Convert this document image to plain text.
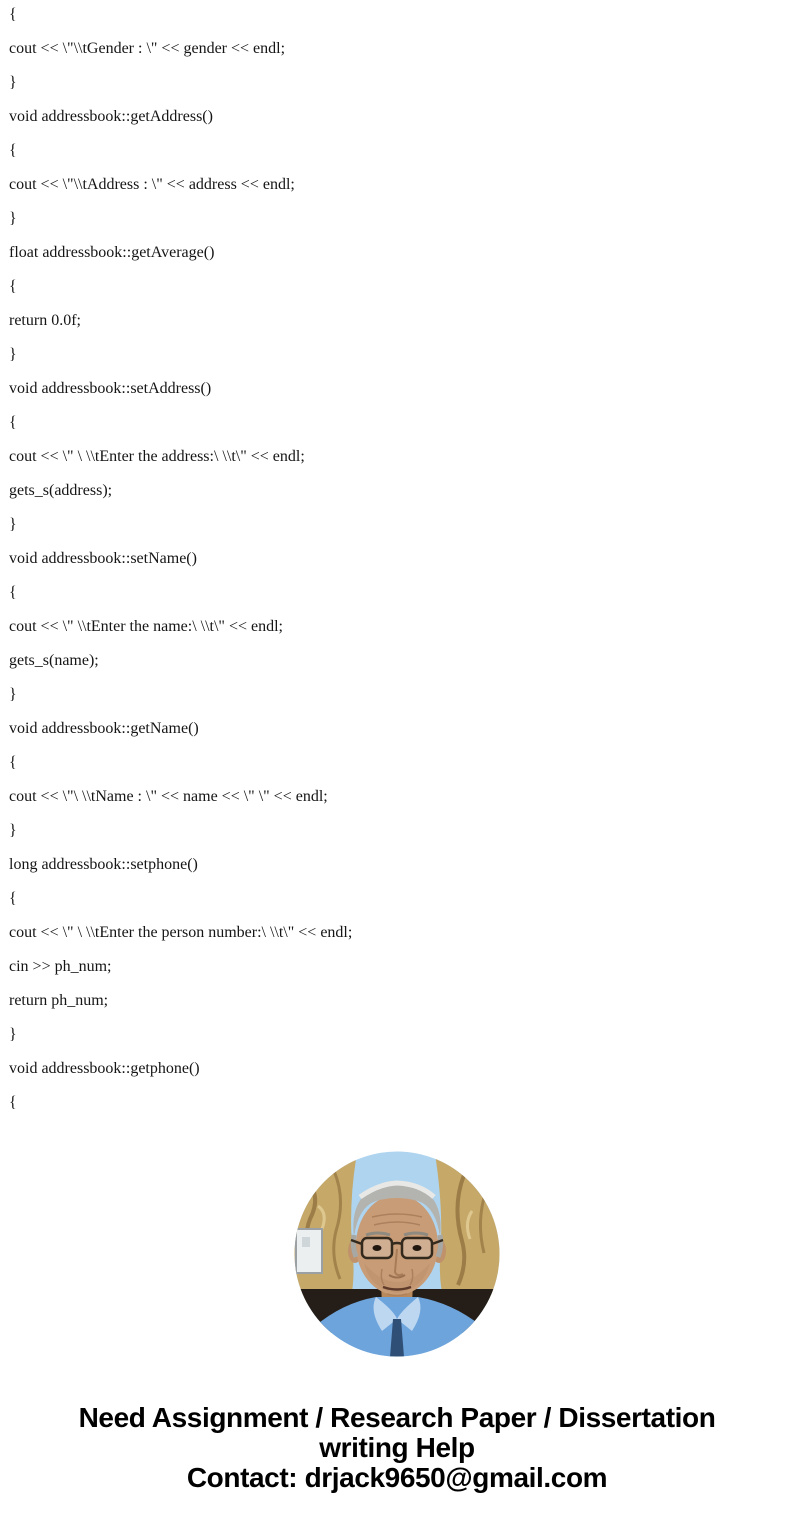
{
cout << \"\\tGender : \" << gender << endl;
}
void addressbook::getAddress()
{
cout << \"\\tAddress : \" << address << endl;
}
float addressbook::getAverage()
{
return 0.0f;
}
void addressbook::setAddress()
{
cout << \" \ \\tEnter the address:\ \\t\" << endl;
gets_s(address);
}
void addressbook::setName()
{
cout << \" \\tEnter the name:\ \\t\" << endl;
gets_s(name);
}
void addressbook::getName()
{
cout << \"\ \\tName : \" << name << \" \" << endl;
}
long addressbook::setphone()
{
cout << \" \ \\tEnter the person number:\ \\t\" << endl;
cin >> ph_num;
return ph_num;
}
void addressbook::getphone()
{
Need Assignment / Research Paper / Dissertation
writing Help
Contact: drjack9650@gmail.com
